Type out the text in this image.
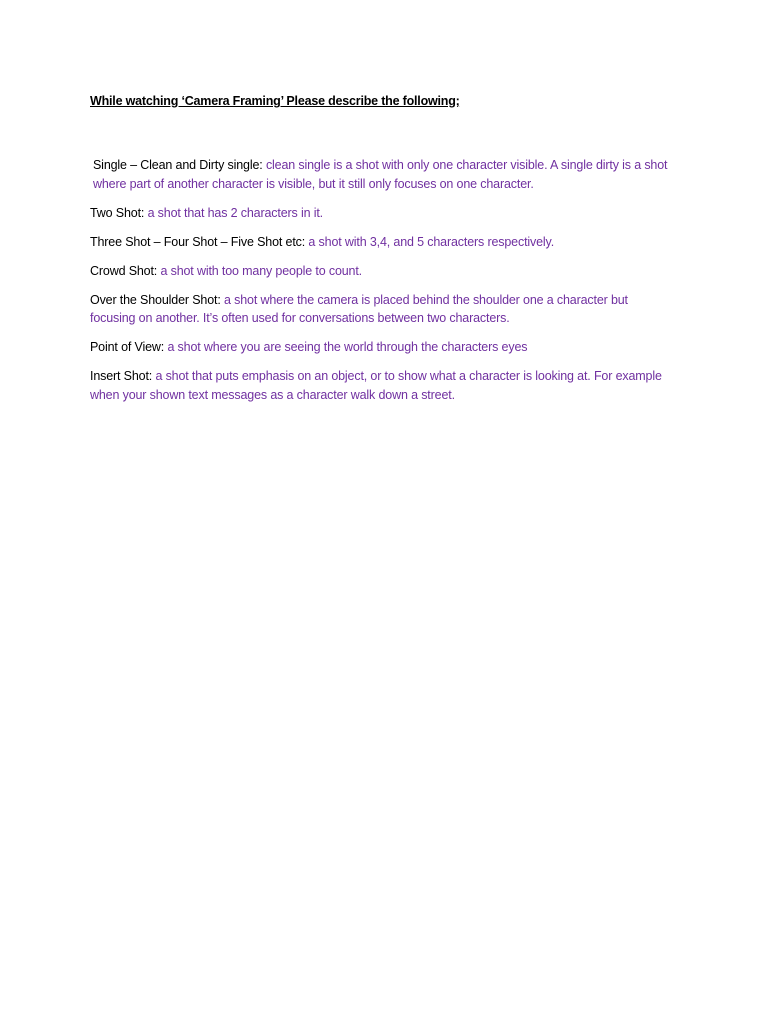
While watching ‘Camera Framing’ Please describe the following;

Single – Clean and Dirty single: clean single is a shot with only one character visible. A single dirty is a shot where part of another character is visible, but it still only focuses on one character.

Two Shot: a shot that has 2 characters in it.

Three Shot – Four Shot – Five Shot etc: a shot with 3,4, and 5 characters respectively.

Crowd Shot: a shot with too many people to count.

Over the Shoulder Shot: a shot where the camera is placed behind the shoulder one a character but focusing on another. It’s often used for conversations between two characters.

Point of View: a shot where you are seeing the world through the characters eyes

Insert Shot: a shot that puts emphasis on an object, or to show what a character is looking at. For example when your shown text messages as a character walk down a street.
